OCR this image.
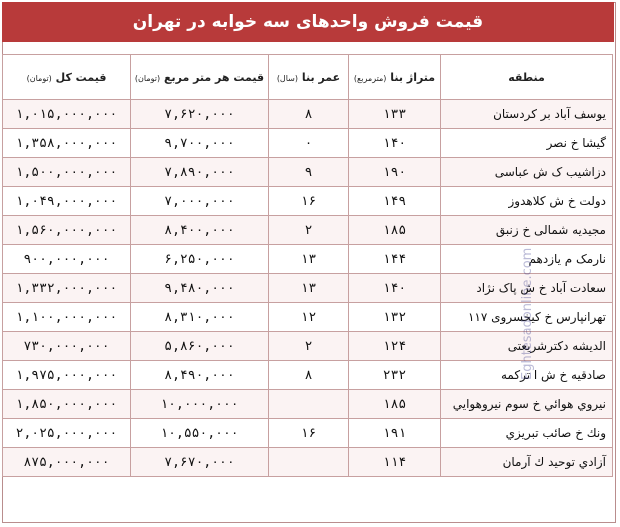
قیمت فروش واحدهای سه خوابه در تهران
منطقه	متراژ بنا (مترمربع)	عمر بنا (سال)	قیمت هر متر مربع (تومان)	قیمت کل (تومان)
یوسف آباد بر کردستان	۱۳۳	۸	۷,۶۲۰,۰۰۰	۱,۰۱۵,۰۰۰,۰۰۰
گیشا خ نصر	۱۴۰	۰	۹,۷۰۰,۰۰۰	۱,۳۵۸,۰۰۰,۰۰۰
دزاشیب ک ش عباسی	۱۹۰	۹	۷,۸۹۰,۰۰۰	۱,۵۰۰,۰۰۰,۰۰۰
دولت خ ش کلاهدوز	۱۴۹	۱۶	۷,۰۰۰,۰۰۰	۱,۰۴۹,۰۰۰,۰۰۰
مجیدیه شمالی خ زنبق	۱۸۵	۲	۸,۴۰۰,۰۰۰	۱,۵۶۰,۰۰۰,۰۰۰
نارمک م یازدهم	۱۴۴	۱۳	۶,۲۵۰,۰۰۰	۹۰۰,۰۰۰,۰۰۰
سعادت آباد خ ش پاک نژاد	۱۴۰	۱۳	۹,۴۸۰,۰۰۰	۱,۳۳۲,۰۰۰,۰۰۰
تهرانپارس خ کیخسروی ۱۱۷	۱۳۲	۱۲	۸,۳۱۰,۰۰۰	۱,۱۰۰,۰۰۰,۰۰۰
الدیشه دکترشریعتی	۱۲۴	۲	۵,۸۶۰,۰۰۰	۷۳۰,۰۰۰,۰۰۰
صادقیه خ ش ا ترکمه	۲۳۲	۸	۸,۴۹۰,۰۰۰	۱,۹۷۵,۰۰۰,۰۰۰
نیروي هوائي خ سوم نیروهوایي	۱۸۵		۱۰,۰۰۰,۰۰۰	۱,۸۵۰,۰۰۰,۰۰۰
ونك خ صائب تبریزي	۱۹۱	۱۶	۱۰,۵۵۰,۰۰۰	۲,۰۲۵,۰۰۰,۰۰۰
آزادي توحید ك آرمان	۱۱۴		۷,۶۷۰,۰۰۰	۸۷۵,۰۰۰,۰۰۰
Eghtesadonline.com
